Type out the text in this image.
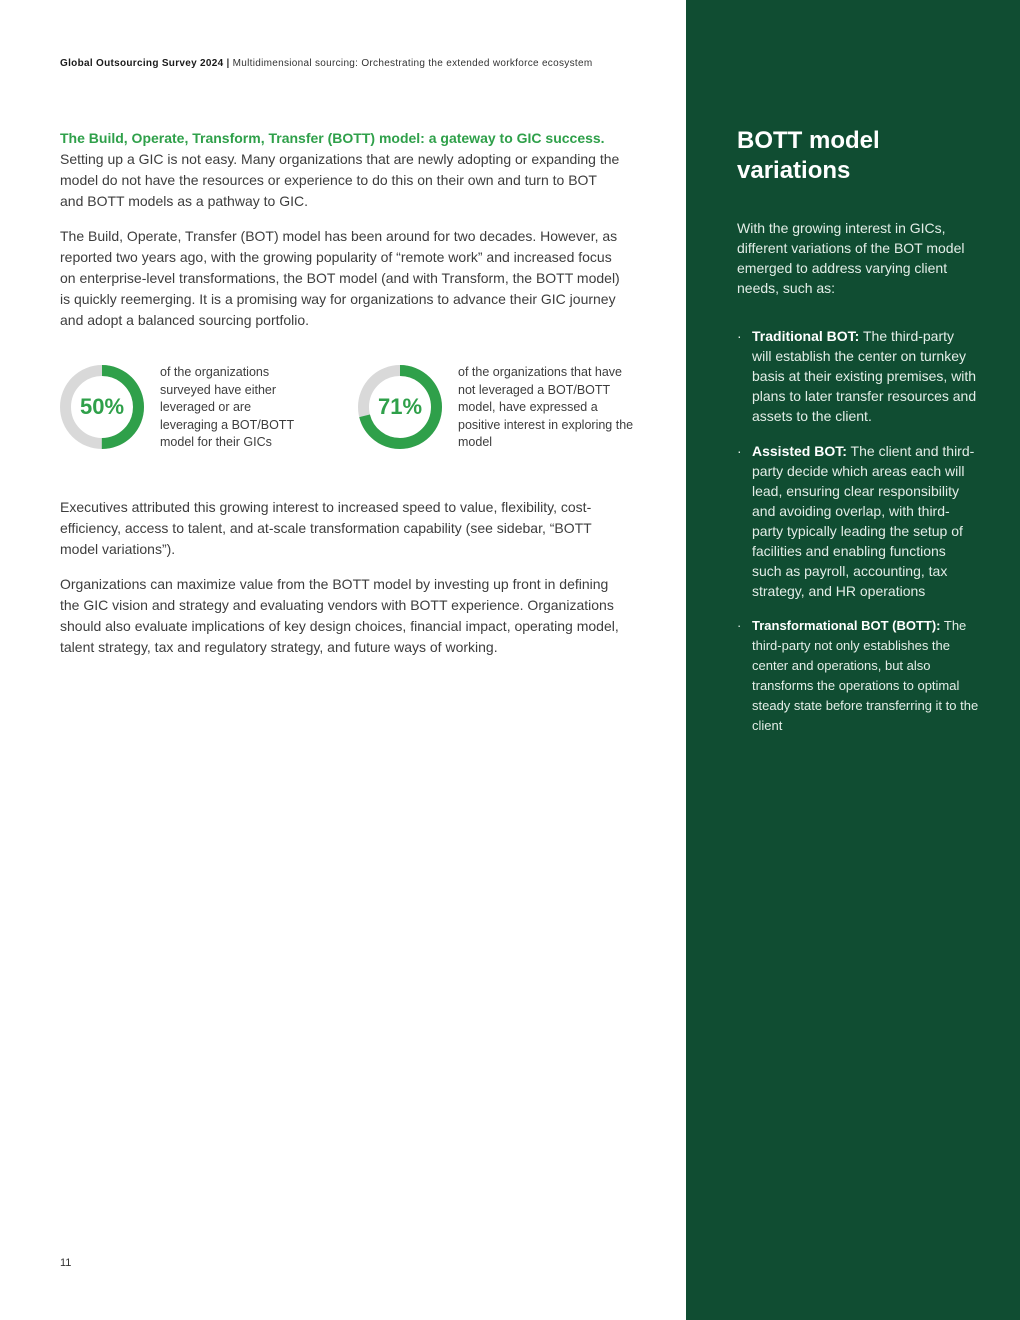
Global Outsourcing Survey 2024 | Multidimensional sourcing: Orchestrating the extended workforce ecosystem

The Build, Operate, Transform, Transfer (BOTT) model: a gateway to GIC success. Setting up a GIC is not easy. Many organizations that are newly adopting or expanding the model do not have the resources or experience to do this on their own and turn to BOT and BOTT models as a pathway to GIC.

The Build, Operate, Transfer (BOT) model has been around for two decades. However, as reported two years ago, with the growing popularity of “remote work” and increased focus on enterprise-level transformations, the BOT model (and with Transform, the BOTT model) is quickly reemerging. It is a promising way for organizations to advance their GIC journey and adopt a balanced sourcing portfolio.

50%
of the organizations surveyed have either leveraged or are leveraging a BOT/BOTT model for their GICs
71%
of the organizations that have not leveraged a BOT/BOTT model, have expressed a positive interest in exploring the model

Executives attributed this growing interest to increased speed to value, flexibility, cost-efficiency, access to talent, and at-scale transformation capability (see sidebar, “BOTT model variations”).

Organizations can maximize value from the BOTT model by investing up front in defining the GIC vision and strategy and evaluating vendors with BOTT experience. Organizations should also evaluate implications of key design choices, financial impact, operating model, talent strategy, tax and regulatory strategy, and future ways of working.

11
BOTT model variations

With the growing interest in GICs, different variations of the BOT model emerged to address varying client needs, such as:

· Traditional BOT: The third-party will establish the center on turnkey basis at their existing premises, with plans to later transfer resources and assets to the client.
· Assisted BOT: The client and third-party decide which areas each will lead, ensuring clear responsibility and avoiding overlap, with third-party typically leading the setup of facilities and enabling functions such as payroll, accounting, tax strategy, and HR operations
· Transformational BOT (BOTT): The third-party not only establishes the center and operations, but also transforms the operations to optimal steady state before transferring it to the client
